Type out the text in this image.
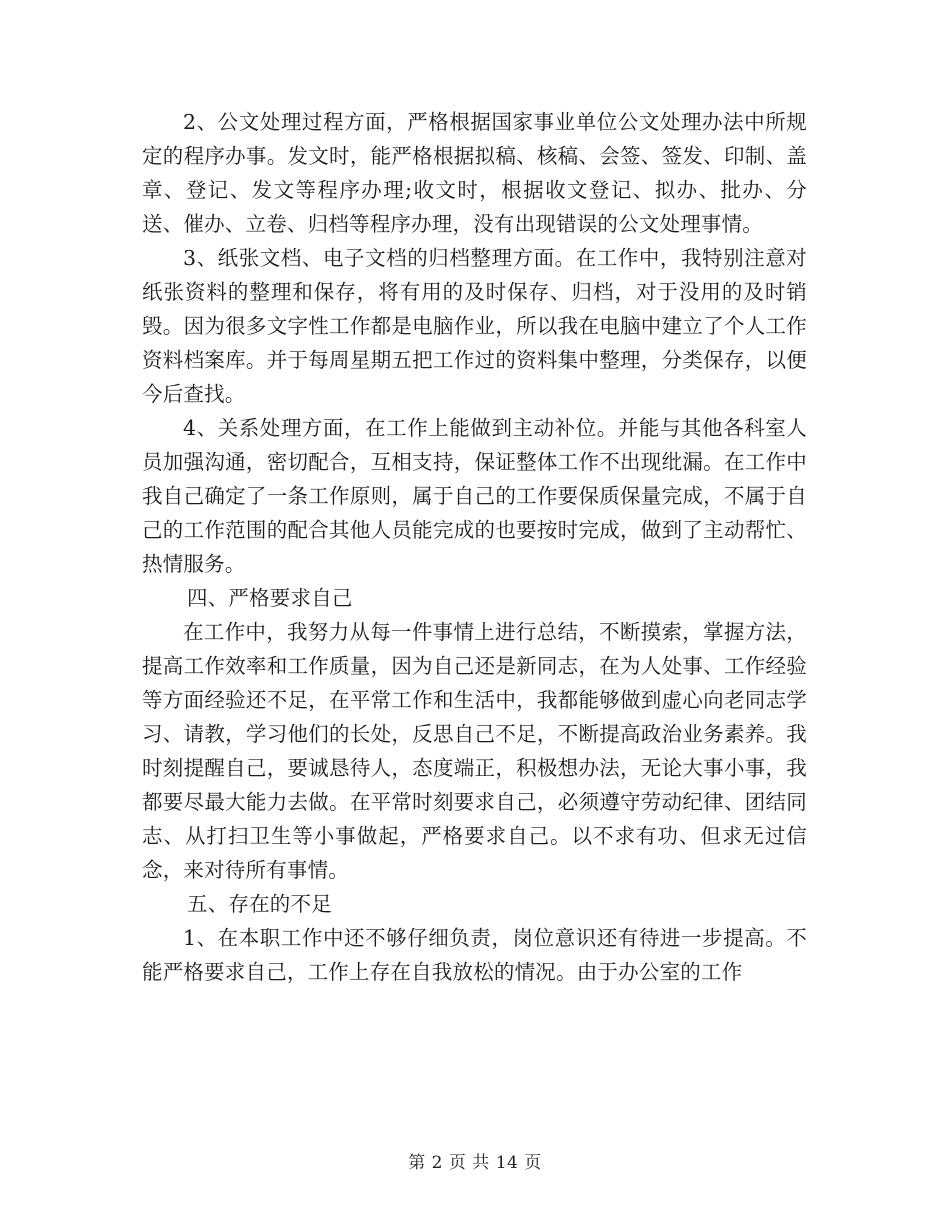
2、公文处理过程方面，严格根据国家事业单位公文处理办法中所规定的程序办事。发文时，能严格根据拟稿、核稿、会签、签发、印制、盖章、登记、发文等程序办理;收文时，根据收文登记、拟办、批办、分送、催办、立卷、归档等程序办理，没有出现错误的公文处理事情。

3、纸张文档、电子文档的归档整理方面。在工作中，我特别注意对纸张资料的整理和保存，将有用的及时保存、归档，对于没用的及时销毁。因为很多文字性工作都是电脑作业，所以我在电脑中建立了个人工作资料档案库。并于每周星期五把工作过的资料集中整理，分类保存，以便今后查找。

4、关系处理方面，在工作上能做到主动补位。并能与其他各科室人员加强沟通，密切配合，互相支持，保证整体工作不出现纰漏。在工作中我自己确定了一条工作原则，属于自己的工作要保质保量完成，不属于自己的工作范围的配合其他人员能完成的也要按时完成，做到了主动帮忙、热情服务。

四、严格要求自己

在工作中，我努力从每一件事情上进行总结，不断摸索，掌握方法，提高工作效率和工作质量，因为自己还是新同志，在为人处事、工作经验等方面经验还不足，在平常工作和生活中，我都能够做到虚心向老同志学习、请教，学习他们的长处，反思自己不足，不断提高政治业务素养。我时刻提醒自己，要诚恳待人，态度端正，积极想办法，无论大事小事，我都要尽最大能力去做。在平常时刻要求自己，必须遵守劳动纪律、团结同志、从打扫卫生等小事做起，严格要求自己。以不求有功、但求无过信念，来对待所有事情。

五、存在的不足

1、在本职工作中还不够仔细负责，岗位意识还有待进一步提高。不能严格要求自己，工作上存在自我放松的情况。由于办公室的工作

第 2 页 共 14 页
